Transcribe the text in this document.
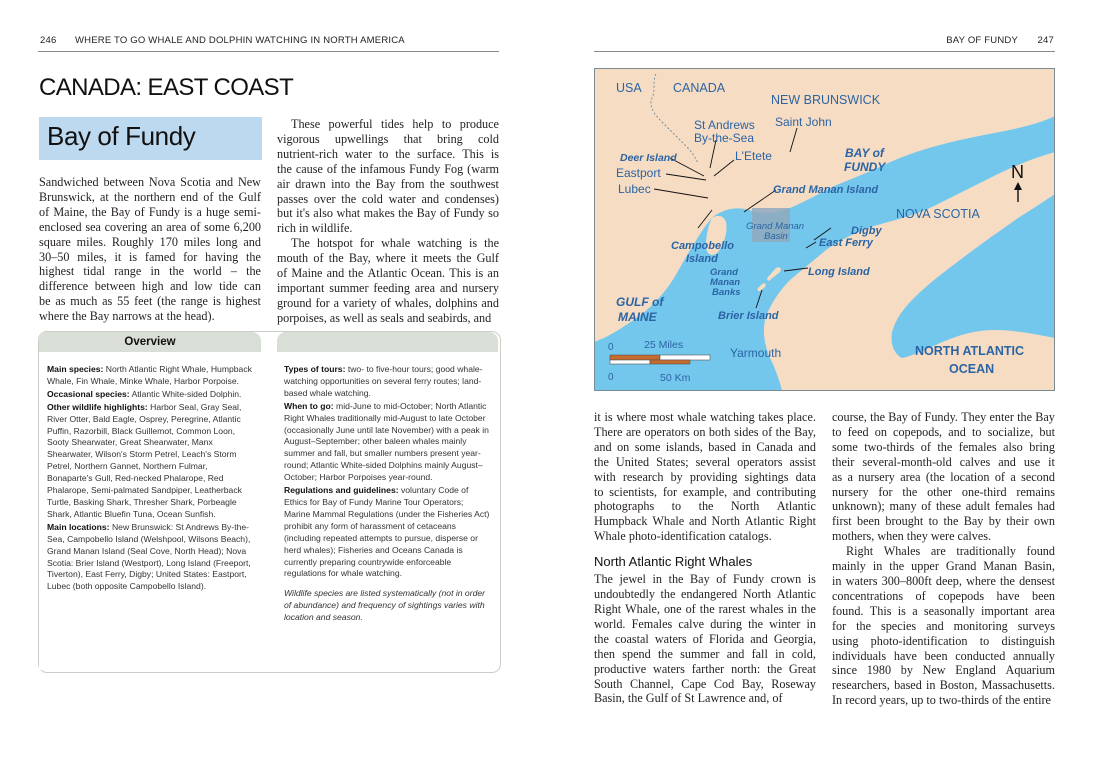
246 WHERE TO GO WHALE AND DOLPHIN WATCHING IN NORTH AMERICA
CANADA: EAST COAST
Bay of Fundy
Sandwiched between Nova Scotia and New
Brunswick, at the northern end of the Gulf
of Maine, the Bay of Fundy is a huge semi-
enclosed sea covering an area of some 6,200
square miles. Roughly 170 miles long and
30–50 miles, it is famed for having the
highest tidal range in the world – the
difference between high and low tide can
be as much as 55 feet (the range is highest
where the Bay narrows at the head).
These powerful tides help to produce
vigorous upwellings that bring cold
nutrient-rich water to the surface. This is
the cause of the infamous Fundy Fog (warm
air drawn into the Bay from the southwest
passes over the cold water and condenses)
but it's also what makes the Bay of Fundy so
rich in wildlife.
The hotspot for whale watching is the
mouth of the Bay, where it meets the Gulf
of Maine and the Atlantic Ocean. This is an
important summer feeding area and nursery
ground for a variety of whales, dolphins and
porpoises, as well as seals and seabirds, and
Overview

Main species: North Atlantic Right Whale, Humpback Whale, Fin Whale, Minke Whale, Harbor Porpoise.

Occasional species: Atlantic White-sided Dolphin.

Other wildlife highlights: Harbor Seal, Gray Seal, River Otter, Bald Eagle, Osprey, Peregrine, Atlantic Puffin, Razorbill, Black Guillemot, Common Loon, Sooty Shearwater, Great Shearwater, Manx Shearwater, Wilson's Storm Petrel, Leach's Storm Petrel, Northern Gannet, Northern Fulmar, Bonaparte's Gull, Red-necked Phalarope, Red Phalarope, Semi-palmated Sandpiper, Leatherback Turtle, Basking Shark, Thresher Shark, Porbeagle Shark, Atlantic Bluefin Tuna, Ocean Sunfish.

Main locations: New Brunswick: St Andrews By-the-Sea, Campobello Island (Welshpool, Wilsons Beach), Grand Manan Island (Seal Cove, North Head); Nova Scotia: Brier Island (Westport), Long Island (Freeport, Tiverton), East Ferry, Digby; United States: Eastport, Lubec (both opposite Campobello Island).

Types of tours: two- to five-hour tours; good whale-watching opportunities on several ferry routes; land-based whale watching.

When to go: mid-June to mid-October; North Atlantic Right Whales traditionally mid-August to late October (occasionally June until late November) with a peak in August–September; other baleen whales mainly summer and fall, but smaller numbers present year-round; Atlantic White-sided Dolphins mainly August–October; Harbor Porpoises year-round.

Regulations and guidelines: voluntary Code of Ethics for Bay of Fundy Marine Tour Operators; Marine Mammal Regulations (under the Fisheries Act) prohibit any form of harassment of cetaceans (including repeated attempts to pursue, disperse or herd whales); Fisheries and Oceans Canada is currently preparing countrywide enforceable regulations for whale watching.

Wildlife species are listed systematically (not in order of abundance) and frequency of sightings varies with location and season.

BAY OF FUNDY 247
USA	CANADA
NEW BRUNSWICK
St Andrews
By-the-Sea
Saint John
L'Etete
Deer Island
Eastport
Lubec
BAY of
FUNDY
Grand Manan Island
NOVA SCOTIA
Grand Manan
Basin	Digby
East Ferry
Campobello
Island
Grand
Manan
Banks
Long Island
GULF of
MAINE	Brier Island
Yarmouth	NORTH ATLANTIC
OCEAN
0	25 Miles
0	50 Km
N
it is where most whale watching takes place.
There are operators on both sides of the Bay,
and on some islands, based in Canada and
the United States; several operators assist
with research by providing sightings data
to scientists, for example, and contributing
photographs to the North Atlantic
Humpback Whale and North Atlantic Right
Whale photo-identification catalogs.
North Atlantic Right Whales
The jewel in the Bay of Fundy crown is
undoubtedly the endangered North Atlantic
Right Whale, one of the rarest whales in the
world. Females calve during the winter in
the coastal waters of Florida and Georgia,
then spend the summer and fall in cold,
productive waters farther north: the Great
South Channel, Cape Cod Bay, Roseway
Basin, the Gulf of St Lawrence and, of
course, the Bay of Fundy. They enter the Bay
to feed on copepods, and to socialize, but
some two-thirds of the females also bring
their several-month-old calves and use it
as a nursery area (the location of a second
nursery for the other one-third remains
unknown); many of these adult females had
first been brought to the Bay by their own
mothers, when they were calves.
Right Whales are traditionally found
mainly in the upper Grand Manan Basin,
in waters 300–800ft deep, where the densest
concentrations of copepods have been
found. This is a seasonally important area
for the species and monitoring surveys
using photo-identification to distinguish
individuals have been conducted annually
since 1980 by New England Aquarium
researchers, based in Boston, Massachusetts.
In record years, up to two-thirds of the entire
